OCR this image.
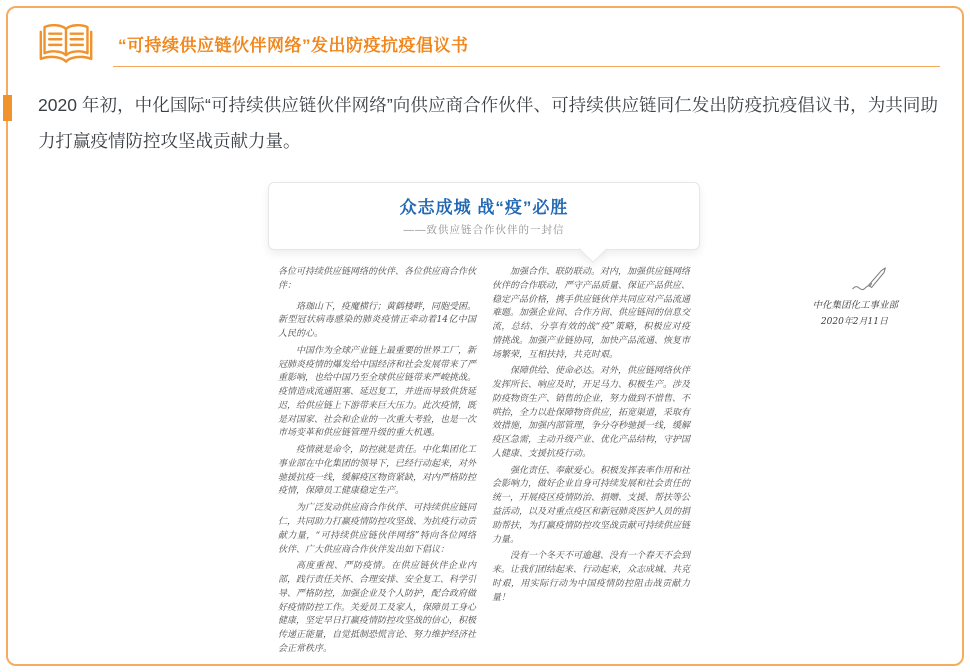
“可持续供应链伙伴网络”发出防疫抗疫倡议书
2020 年初，中化国际“可持续供应链伙伴网络”向供应商合作伙伴、可持续供应链同仁发出防疫抗疫倡议书，为共同助力打赢疫情防控攻坚战贡献力量。
众志成城 战“疫”必胜
——致供应链合作伙伴的一封信

各位可持续供应链网络的伙伴、各位供应商合作伙伴：

珞珈山下，疫魔横行；黄鹤楼畔，同胞受困。新型冠状病毒感染的肺炎疫情正牵动着14亿中国人民的心。

中国作为全球产业链上最重要的世界工厂，新冠肺炎疫情的爆发给中国经济和社会发展带来了严重影响，也给中国乃至全球供应链带来严峻挑战。疫情造成流通阻塞、延迟复工，并进而导致供货延迟，给供应链上下游带来巨大压力。此次疫情，既是对国家、社会和企业的一次重大考验，也是一次市场变革和供应链管理升级的重大机遇。

疫情就是命令，防控就是责任。中化集团化工事业部在中化集团的领导下，已经行动起来，对外驰援抗疫一线，缓解疫区物资紧缺，对内严格防控疫情，保障员工健康稳定生产。

为广泛发动供应商合作伙伴、可持续供应链同仁，共同助力打赢疫情防控攻坚战、为抗疫行动贡献力量，“可持续供应链伙伴网络”特向各位网络伙伴、广大供应商合作伙伴发出如下倡议：

高度重视、严防疫情。在供应链伙伴企业内部，践行责任关怀、合理安排、安全复工、科学引导、严格防控，加强企业及个人防护，配合政府做好疫情防控工作。关爱员工及家人，保障员工身心健康，坚定早日打赢疫情防控攻坚战的信心，积极传递正能量，自觉抵制恐慌言论、努力维护经济社会正常秩序。

加强合作、联防联动。对内，加强供应链网络伙伴的合作联动，严守产品质量、保证产品供应、稳定产品价格，携手供应链伙伴共同应对产品流通难题。加强企业间、合作方间、供应链间的信息交流，总结、分享有效的战“疫”策略，积极应对疫情挑战。加强产业链协同，加快产品流通、恢复市场繁荣，互相扶持，共克时艰。

保障供给、使命必达。对外，供应链网络伙伴发挥所长、响应及时，开足马力、积极生产。涉及防疫物资生产、销售的企业，努力做到不惜售、不哄抬，全力以赴保障物资供应，拓宽渠道，采取有效措施，加强内部管理，争分夺秒驰援一线，缓解疫区急需，主动升级产业、优化产品结构，守护国人健康、支援抗疫行动。

强化责任、奉献爱心。积极发挥表率作用和社会影响力，做好企业自身可持续发展和社会责任的统一，开展疫区疫情防治、捐赠、支援、帮扶等公益活动，以及对重点疫区和新冠肺炎医护人员的捐助帮扶，为打赢疫情防控攻坚战贡献可持续供应链力量。

没有一个冬天不可逾越、没有一个春天不会到来。让我们团结起来、行动起来，众志成城、共克时艰，用实际行动为中国疫情防控阻击战贡献力量！

中化集团化工事业部
2020年2月11日
